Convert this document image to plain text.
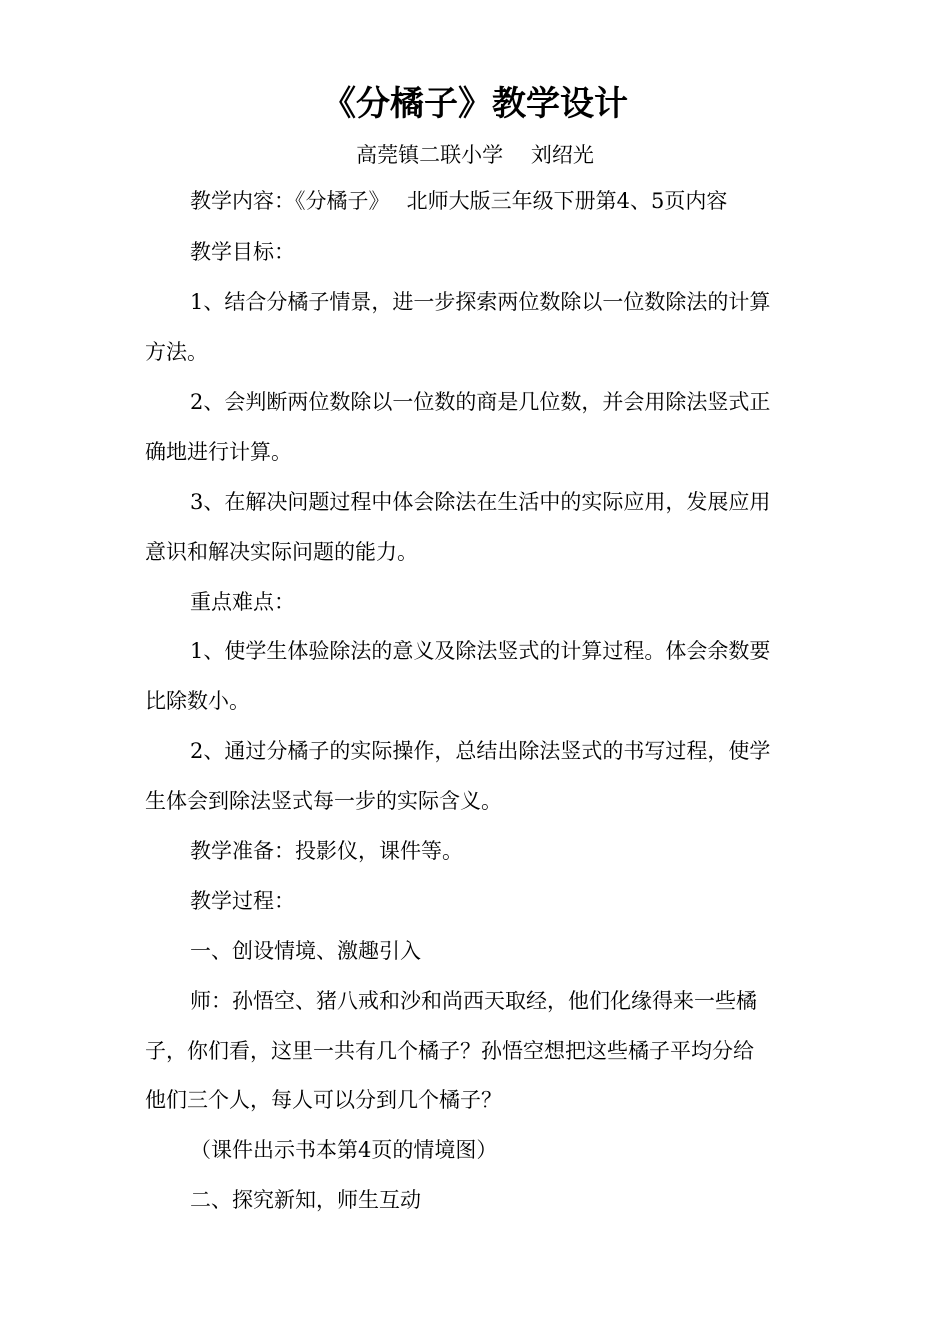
《分橘子》教学设计
高莞镇二联小学　 刘绍光
教学内容：《分橘子》　 北师大版三年级下册第4、5页内容
教学目标：
1、结合分橘子情景，进一步探索两位数除以一位数除法的计算
方法。
2、会判断两位数除以一位数的商是几位数，并会用除法竖式正
确地进行计算。
3、在解决问题过程中体会除法在生活中的实际应用，发展应用
意识和解决实际问题的能力。
重点难点：
1、使学生体验除法的意义及除法竖式的计算过程。体会余数要
比除数小。
2、通过分橘子的实际操作，总结出除法竖式的书写过程，使学
生体会到除法竖式每一步的实际含义。
教学准备：投影仪，课件等。
教学过程：
一、创设情境、激趣引入
师：孙悟空、猪八戒和沙和尚西天取经，他们化缘得来一些橘
子，你们看，这里一共有几个橘子？孙悟空想把这些橘子平均分给
他们三个人，每人可以分到几个橘子？
（课件出示书本第4页的情境图）
二、探究新知，师生互动
